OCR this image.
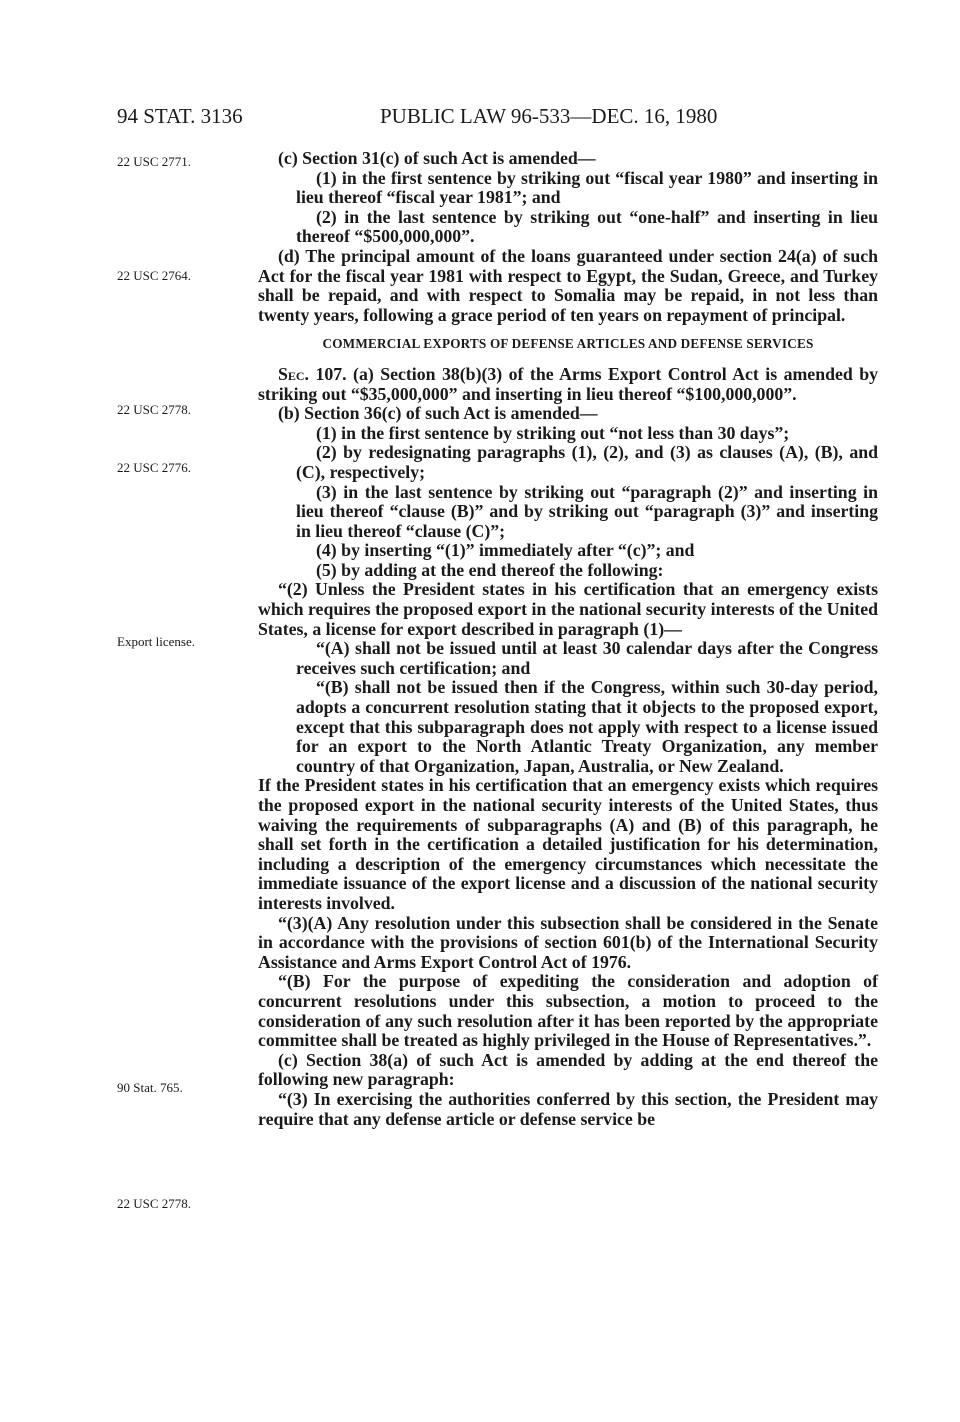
94 STAT. 3136	PUBLIC LAW 96-533—DEC. 16, 1980
22 USC 2771.
22 USC 2764.
22 USC 2778.
22 USC 2776.
Export license.
90 Stat. 765.
22 USC 2778.

(c) Section 31(c) of such Act is amended—

(1) in the first sentence by striking out “fiscal year 1980” and inserting in lieu thereof “fiscal year 1981”; and

(2) in the last sentence by striking out “one-half” and inserting in lieu thereof “$500,000,000”.

(d) The principal amount of the loans guaranteed under section 24(a) of such Act for the fiscal year 1981 with respect to Egypt, the Sudan, Greece, and Turkey shall be repaid, and with respect to Somalia may be repaid, in not less than twenty years, following a grace period of ten years on repayment of principal.

COMMERCIAL EXPORTS OF DEFENSE ARTICLES AND DEFENSE SERVICES

Sec. 107. (a) Section 38(b)(3) of the Arms Export Control Act is amended by striking out “$35,000,000” and inserting in lieu thereof “$100,000,000”.

(b) Section 36(c) of such Act is amended—

(1) in the first sentence by striking out “not less than 30 days”;

(2) by redesignating paragraphs (1), (2), and (3) as clauses (A), (B), and (C), respectively;

(3) in the last sentence by striking out “paragraph (2)” and inserting in lieu thereof “clause (B)” and by striking out “paragraph (3)” and inserting in lieu thereof “clause (C)”;

(4) by inserting “(1)” immediately after “(c)”; and

(5) by adding at the end thereof the following:

“(2) Unless the President states in his certification that an emergency exists which requires the proposed export in the national security interests of the United States, a license for export described in paragraph (1)—

“(A) shall not be issued until at least 30 calendar days after the Congress receives such certification; and

“(B) shall not be issued then if the Congress, within such 30-day period, adopts a concurrent resolution stating that it objects to the proposed export, except that this subparagraph does not apply with respect to a license issued for an export to the North Atlantic Treaty Organization, any member country of that Organization, Japan, Australia, or New Zealand.

If the President states in his certification that an emergency exists which requires the proposed export in the national security interests of the United States, thus waiving the requirements of subparagraphs (A) and (B) of this paragraph, he shall set forth in the certification a detailed justification for his determination, including a description of the emergency circumstances which necessitate the immediate issuance of the export license and a discussion of the national security interests involved.

“(3)(A) Any resolution under this subsection shall be considered in the Senate in accordance with the provisions of section 601(b) of the International Security Assistance and Arms Export Control Act of 1976.

“(B) For the purpose of expediting the consideration and adoption of concurrent resolutions under this subsection, a motion to proceed to the consideration of any such resolution after it has been reported by the appropriate committee shall be treated as highly privileged in the House of Representatives.”.

(c) Section 38(a) of such Act is amended by adding at the end thereof the following new paragraph:

“(3) In exercising the authorities conferred by this section, the President may require that any defense article or defense service be
